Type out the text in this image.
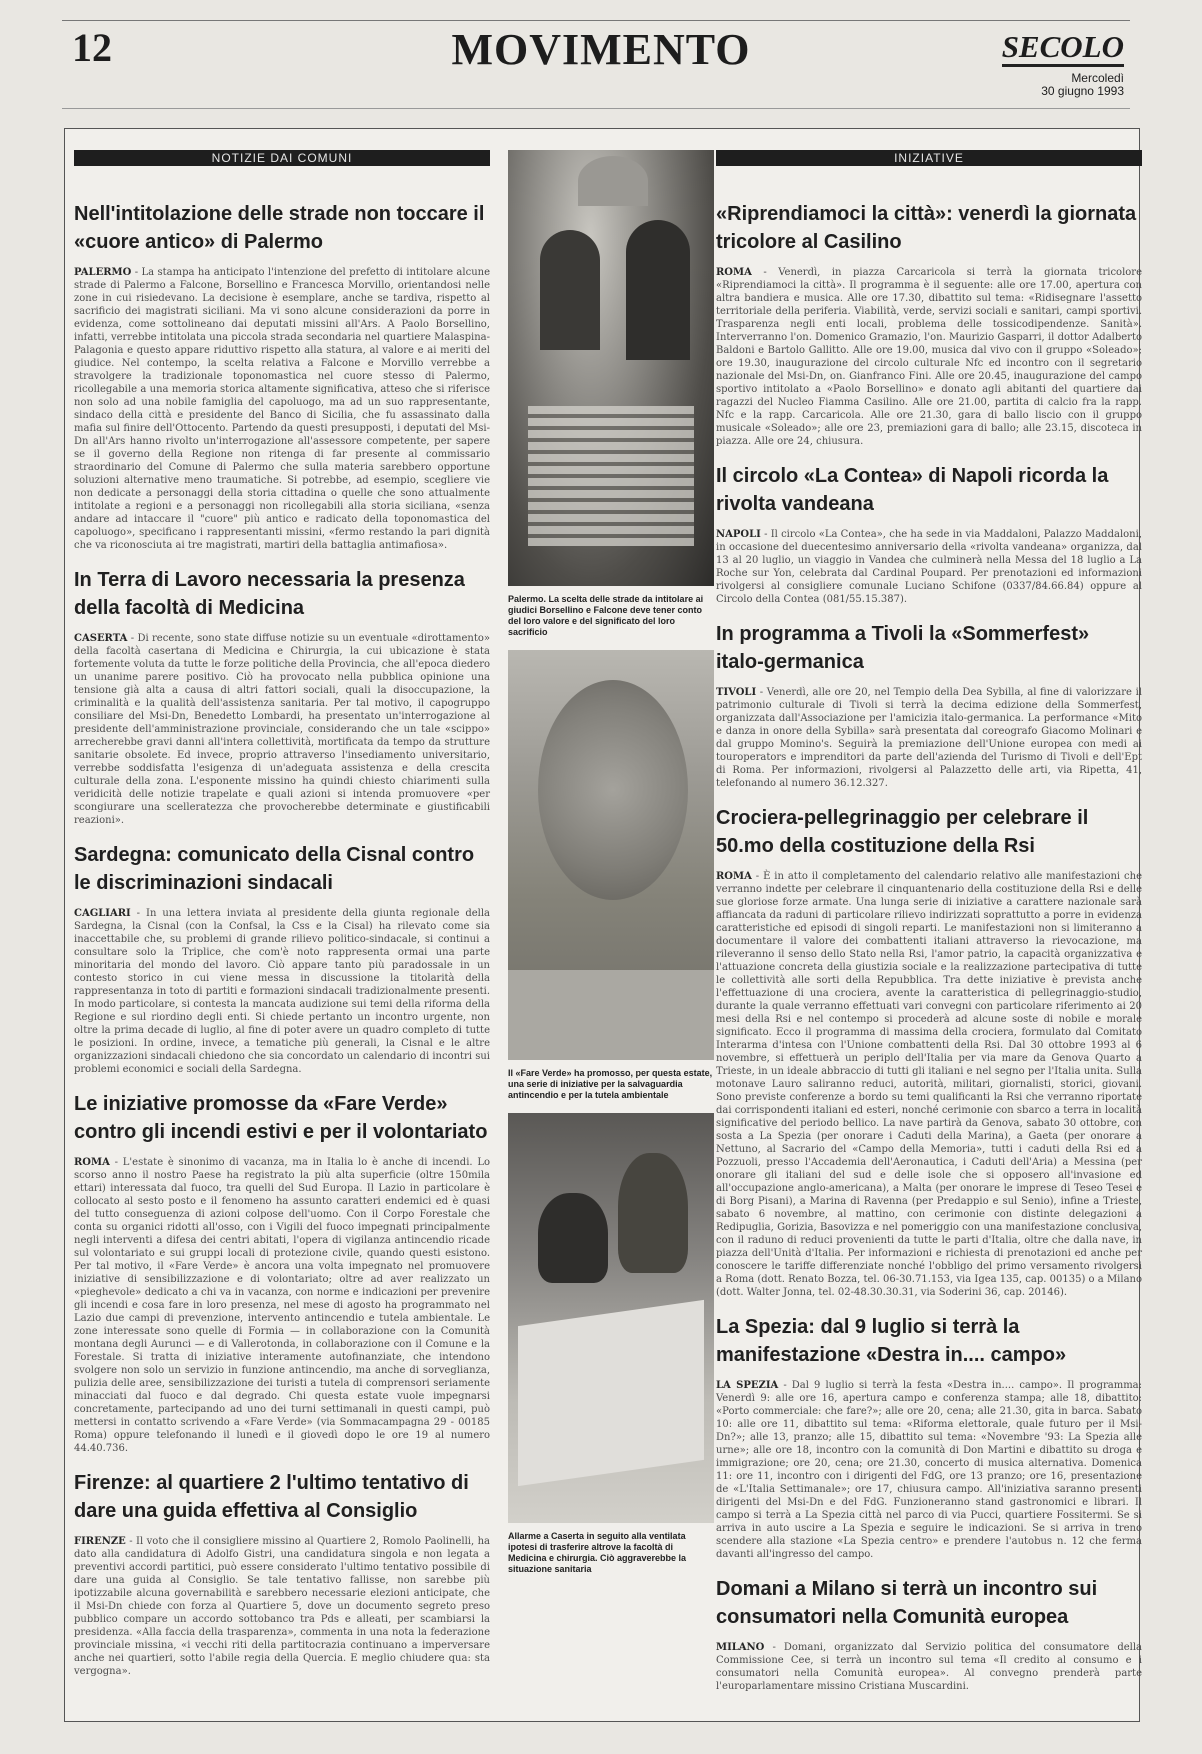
12	MOVIMENTO	SECOLO
Mercoledì
30 giugno 1993
NOTIZIE DAI COMUNI
Nell'intitolazione delle strade non toccare il «cuore antico» di Palermo

PALERMO - La stampa ha anticipato l'intenzione del prefetto di intitolare alcune strade di Palermo a Falcone, Borsellino e Francesca Morvillo, orientandosi nelle zone in cui risiedevano. La decisione è esemplare, anche se tardiva, rispetto al sacrificio dei magistrati siciliani. Ma vi sono alcune considerazioni da porre in evidenza, come sottolineano dai deputati missini all'Ars. A Paolo Borsellino, infatti, verrebbe intitolata una piccola strada secondaria nel quartiere Malaspina-Palagonia e questo appare riduttivo rispetto alla statura, al valore e ai meriti del giudice. Nel contempo, la scelta relativa a Falcone e Morvillo verrebbe a stravolgere la tradizionale toponomastica nel cuore stesso di Palermo, ricollegabile a una memoria storica altamente significativa, atteso che si riferisce non solo ad una nobile famiglia del capoluogo, ma ad un suo rappresentante, sindaco della città e presidente del Banco di Sicilia, che fu assassinato dalla mafia sul finire dell'Ottocento. Partendo da questi presupposti, i deputati del Msi-Dn all'Ars hanno rivolto un'interrogazione all'assessore competente, per sapere se il governo della Regione non ritenga di far presente al commissario straordinario del Comune di Palermo che sulla materia sarebbero opportune soluzioni alternative meno traumatiche. Si potrebbe, ad esempio, scegliere vie non dedicate a personaggi della storia cittadina o quelle che sono attualmente intitolate a regioni e a personaggi non ricollegabili alla storia siciliana, «senza andare ad intaccare il "cuore" più antico e radicato della toponomastica del capoluogo», specificano i rappresentanti missini, «fermo restando la pari dignità che va riconosciuta ai tre magistrati, martiri della battaglia antimafiosa».

In Terra di Lavoro necessaria la presenza della facoltà di Medicina

CASERTA - Di recente, sono state diffuse notizie su un eventuale «dirottamento» della facoltà casertana di Medicina e Chirurgia, la cui ubicazione è stata fortemente voluta da tutte le forze politiche della Provincia, che all'epoca diedero un unanime parere positivo. Ciò ha provocato nella pubblica opinione una tensione già alta a causa di altri fattori sociali, quali la disoccupazione, la criminalità e la qualità dell'assistenza sanitaria. Per tal motivo, il capogruppo consiliare del Msi-Dn, Benedetto Lombardi, ha presentato un'interrogazione al presidente dell'amministrazione provinciale, considerando che un tale «scippo» arrecherebbe gravi danni all'intera collettività, mortificata da tempo da strutture sanitarie obsolete. Ed invece, proprio attraverso l'insediamento universitario, verrebbe soddisfatta l'esigenza di un'adeguata assistenza e della crescita culturale della zona. L'esponente missino ha quindi chiesto chiarimenti sulla veridicità delle notizie trapelate e quali azioni si intenda promuovere «per scongiurare una scelleratezza che provocherebbe determinate e giustificabili reazioni».

Sardegna: comunicato della Cisnal contro le discriminazioni sindacali

CAGLIARI - In una lettera inviata al presidente della giunta regionale della Sardegna, la Cisnal (con la Confsal, la Css e la Cisal) ha rilevato come sia inaccettabile che, su problemi di grande rilievo politico-sindacale, si continui a consultare solo la Triplice, che com'è noto rappresenta ormai una parte minoritaria del mondo del lavoro. Ciò appare tanto più paradossale in un contesto storico in cui viene messa in discussione la titolarità della rappresentanza in toto di partiti e formazioni sindacali tradizionalmente presenti. In modo particolare, si contesta la mancata audizione sui temi della riforma della Regione e sul riordino degli enti. Si chiede pertanto un incontro urgente, non oltre la prima decade di luglio, al fine di poter avere un quadro completo di tutte le posizioni. In ordine, invece, a tematiche più generali, la Cisnal e le altre organizzazioni sindacali chiedono che sia concordato un calendario di incontri sui problemi economici e sociali della Sardegna.

Le iniziative promosse da «Fare Verde» contro gli incendi estivi e per il volontariato

ROMA - L'estate è sinonimo di vacanza, ma in Italia lo è anche di incendi. Lo scorso anno il nostro Paese ha registrato la più alta superficie (oltre 150mila ettari) interessata dal fuoco, tra quelli del Sud Europa. Il Lazio in particolare è collocato al sesto posto e il fenomeno ha assunto caratteri endemici ed è quasi del tutto conseguenza di azioni colpose dell'uomo. Con il Corpo Forestale che conta su organici ridotti all'osso, con i Vigili del fuoco impegnati principalmente negli interventi a difesa dei centri abitati, l'opera di vigilanza antincendio ricade sul volontariato e sui gruppi locali di protezione civile, quando questi esistono. Per tal motivo, il «Fare Verde» è ancora una volta impegnato nel promuovere iniziative di sensibilizzazione e di volontariato; oltre ad aver realizzato un «pieghevole» dedicato a chi va in vacanza, con norme e indicazioni per prevenire gli incendi e cosa fare in loro presenza, nel mese di agosto ha programmato nel Lazio due campi di prevenzione, intervento antincendio e tutela ambientale. Le zone interessate sono quelle di Formia — in collaborazione con la Comunità montana degli Aurunci — e di Vallerotonda, in collaborazione con il Comune e la Forestale. Si tratta di iniziative interamente autofinanziate, che intendono svolgere non solo un servizio in funzione antincendio, ma anche di sorveglianza, pulizia delle aree, sensibilizzazione dei turisti a tutela di comprensori seriamente minacciati dal fuoco e dal degrado. Chi questa estate vuole impegnarsi concretamente, partecipando ad uno dei turni settimanali in questi campi, può mettersi in contatto scrivendo a «Fare Verde» (via Sommacampagna 29 - 00185 Roma) oppure telefonando il lunedì e il giovedì dopo le ore 19 al numero 44.40.736.

Firenze: al quartiere 2 l'ultimo tentativo di dare una guida effettiva al Consiglio

FIRENZE - Il voto che il consigliere missino al Quartiere 2, Romolo Paolinelli, ha dato alla candidatura di Adolfo Gistri, una candidatura singola e non legata a preventivi accordi partitici, può essere considerato l'ultimo tentativo possibile di dare una guida al Consiglio. Se tale tentativo fallisse, non sarebbe più ipotizzabile alcuna governabilità e sarebbero necessarie elezioni anticipate, che il Msi-Dn chiede con forza al Quartiere 5, dove un documento segreto preso pubblico compare un accordo sottobanco tra Pds e alleati, per scambiarsi la presidenza. «Alla faccia della trasparenza», commenta in una nota la federazione provinciale missina, «i vecchi riti della partitocrazia continuano a imperversare anche nei quartieri, sotto l'abile regia della Quercia. E meglio chiudere qua: sta vergogna».

Palermo. La scelta delle strade da intitolare ai giudici Borsellino e Falcone deve tener conto del loro valore e del significato del loro sacrificio
Il «Fare Verde» ha promosso, per questa estate, una serie di iniziative per la salvaguardia antincendio e per la tutela ambientale
Allarme a Caserta in seguito alla ventilata ipotesi di trasferire altrove la facoltà di Medicina e chirurgia. Ciò aggraverebbe la situazione sanitaria
INIZIATIVE
«Riprendiamoci la città»: venerdì la giornata tricolore al Casilino

ROMA - Venerdì, in piazza Carcaricola si terrà la giornata tricolore «Riprendiamoci la città». Il programma è il seguente: alle ore 17.00, apertura con altra bandiera e musica. Alle ore 17.30, dibattito sul tema: «Ridisegnare l'assetto territoriale della periferia. Viabilità, verde, servizi sociali e sanitari, campi sportivi. Trasparenza negli enti locali, problema delle tossicodipendenze. Sanità». Interverranno l'on. Domenico Gramazio, l'on. Maurizio Gasparri, il dottor Adalberto Baldoni e Bartolo Gallitto. Alle ore 19.00, musica dal vivo con il gruppo «Soleado»; ore 19.30, inaugurazione del circolo culturale Nfc ed incontro con il segretario nazionale del Msi-Dn, on. Gianfranco Fini. Alle ore 20.45, inaugurazione del campo sportivo intitolato a «Paolo Borsellino» e donato agli abitanti del quartiere dai ragazzi del Nucleo Fiamma Casilino. Alle ore 21.00, partita di calcio fra la rapp. Nfc e la rapp. Carcaricola. Alle ore 21.30, gara di ballo liscio con il gruppo musicale «Soleado»; alle ore 23, premiazioni gara di ballo; alle 23.15, discoteca in piazza. Alle ore 24, chiusura.

Il circolo «La Contea» di Napoli ricorda la rivolta vandeana

NAPOLI - Il circolo «La Contea», che ha sede in via Maddaloni, Palazzo Maddaloni, in occasione del duecentesimo anniversario della «rivolta vandeana» organizza, dal 13 al 20 luglio, un viaggio in Vandea che culminerà nella Messa del 18 luglio a La Roche sur Yon, celebrata dal Cardinal Poupard. Per prenotazioni ed informazioni rivolgersi al consigliere comunale Luciano Schifone (0337/84.66.84) oppure al Circolo della Contea (081/55.15.387).

In programma a Tivoli la «Sommerfest» italo-germanica

TIVOLI - Venerdì, alle ore 20, nel Tempio della Dea Sybilla, al fine di valorizzare il patrimonio culturale di Tivoli si terrà la decima edizione della Sommerfest, organizzata dall'Associazione per l'amicizia italo-germanica. La performance «Mito e danza in onore della Sybilla» sarà presentata dal coreografo Giacomo Molinari e dal gruppo Momino's. Seguirà la premiazione dell'Unione europea con medi ai touroperators e imprenditori da parte dell'azienda del Turismo di Tivoli e dell'Ept di Roma. Per informazioni, rivolgersi al Palazzetto delle arti, via Ripetta, 41, telefonando al numero 36.12.327.

Crociera-pellegrinaggio per celebrare il 50.mo della costituzione della Rsi

ROMA - È in atto il completamento del calendario relativo alle manifestazioni che verranno indette per celebrare il cinquantenario della costituzione della Rsi e delle sue gloriose forze armate. Una lunga serie di iniziative a carattere nazionale sarà affiancata da raduni di particolare rilievo indirizzati soprattutto a porre in evidenza caratteristiche ed episodi di singoli reparti. Le manifestazioni non si limiteranno a documentare il valore dei combattenti italiani attraverso la rievocazione, ma rileveranno il senso dello Stato nella Rsi, l'amor patrio, la capacità organizzativa e l'attuazione concreta della giustizia sociale e la realizzazione partecipativa di tutte le collettività alle sorti della Repubblica. Tra dette iniziative è prevista anche l'effettuazione di una crociera, avente la caratteristica di pellegrinaggio-studio, durante la quale verranno effettuati vari convegni con particolare riferimento ai 20 mesi della Rsi e nel contempo si procederà ad alcune soste di nobile e morale significato. Ecco il programma di massima della crociera, formulato dal Comitato Interarma d'intesa con l'Unione combattenti della Rsi. Dal 30 ottobre 1993 al 6 novembre, si effettuerà un periplo dell'Italia per via mare da Genova Quarto a Trieste, in un ideale abbraccio di tutti gli italiani e nel segno per l'Italia unita. Sulla motonave Lauro saliranno reduci, autorità, militari, giornalisti, storici, giovani. Sono previste conferenze a bordo su temi qualificanti la Rsi che verranno riportate dai corrispondenti italiani ed esteri, nonché cerimonie con sbarco a terra in località significative del periodo bellico. La nave partirà da Genova, sabato 30 ottobre, con sosta a La Spezia (per onorare i Caduti della Marina), a Gaeta (per onorare a Nettuno, al Sacrario del «Campo della Memoria», tutti i caduti della Rsi ed a Pozzuoli, presso l'Accademia dell'Aeronautica, i Caduti dell'Aria) a Messina (per onorare gli italiani del sud e delle isole che si opposero all'invasione ed all'occupazione anglo-americana), a Malta (per onorare le imprese di Teseo Tesei e di Borg Pisani), a Marina di Ravenna (per Predappio e sul Senio), infine a Trieste, sabato 6 novembre, al mattino, con cerimonie con distinte delegazioni a Redipuglia, Gorizia, Basovizza e nel pomeriggio con una manifestazione conclusiva, con il raduno di reduci provenienti da tutte le parti d'Italia, oltre che dalla nave, in piazza dell'Unità d'Italia. Per informazioni e richiesta di prenotazioni ed anche per conoscere le tariffe differenziate nonché l'obbligo del primo versamento rivolgersi a Roma (dott. Renato Bozza, tel. 06-30.71.153, via Igea 135, cap. 00135) o a Milano (dott. Walter Jonna, tel. 02-48.30.30.31, via Soderini 36, cap. 20146).

La Spezia: dal 9 luglio si terrà la manifestazione «Destra in.... campo»

LA SPEZIA - Dal 9 luglio si terrà la festa «Destra in.... campo». Il programma: Venerdì 9: alle ore 16, apertura campo e conferenza stampa; alle 18, dibattito: «Porto commerciale: che fare?»; alle ore 20, cena; alle 21.30, gita in barca. Sabato 10: alle ore 11, dibattito sul tema: «Riforma elettorale, quale futuro per il Msi-Dn?»; alle 13, pranzo; alle 15, dibattito sul tema: «Novembre '93: La Spezia alle urne»; alle ore 18, incontro con la comunità di Don Martini e dibattito su droga e immigrazione; ore 20, cena; ore 21.30, concerto di musica alternativa. Domenica 11: ore 11, incontro con i dirigenti del FdG, ore 13 pranzo; ore 16, presentazione de «L'Italia Settimanale»; ore 17, chiusura campo. All'iniziativa saranno presenti dirigenti del Msi-Dn e del FdG. Funzioneranno stand gastronomici e librari. Il campo si terrà a La Spezia città nel parco di via Pucci, quartiere Fossitermi. Se si arriva in auto uscire a La Spezia e seguire le indicazioni. Se si arriva in treno scendere alla stazione «La Spezia centro» e prendere l'autobus n. 12 che ferma davanti all'ingresso del campo.

Domani a Milano si terrà un incontro sui consumatori nella Comunità europea

MILANO - Domani, organizzato dal Servizio politica del consumatore della Commissione Cee, si terrà un incontro sul tema «Il credito al consumo e i consumatori nella Comunità europea». Al convegno prenderà parte l'europarlamentare missino Cristiana Muscardini.
